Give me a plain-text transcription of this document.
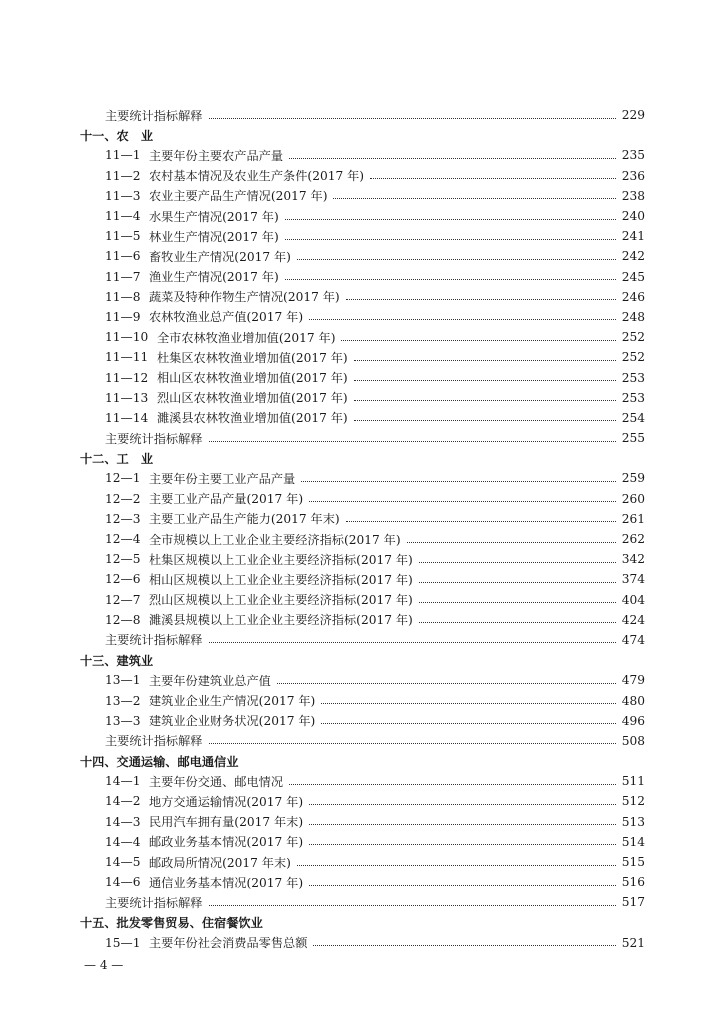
主要统计指标解释	229
十一、农　业
11—1 主要年份主要农产品产量	235
11—2 农村基本情况及农业生产条件(2017 年)	236
11—3 农业主要产品生产情况(2017 年)	238
11—4 水果生产情况(2017 年)	240
11—5 林业生产情况(2017 年)	241
11—6 畜牧业生产情况(2017 年)	242
11—7 渔业生产情况(2017 年)	245
11—8 蔬菜及特种作物生产情况(2017 年)	246
11—9 农林牧渔业总产值(2017 年)	248
11—10 全市农林牧渔业增加值(2017 年)	252
11—11 杜集区农林牧渔业增加值(2017 年)	252
11—12 相山区农林牧渔业增加值(2017 年)	253
11—13 烈山区农林牧渔业增加值(2017 年)	253
11—14 濉溪县农林牧渔业增加值(2017 年)	254
主要统计指标解释	255
十二、工　业
12—1 主要年份主要工业产品产量	259
12—2 主要工业产品产量(2017 年)	260
12—3 主要工业产品生产能力(2017 年末)	261
12—4 全市规模以上工业企业主要经济指标(2017 年)	262
12—5 杜集区规模以上工业企业主要经济指标(2017 年)	342
12—6 相山区规模以上工业企业主要经济指标(2017 年)	374
12—7 烈山区规模以上工业企业主要经济指标(2017 年)	404
12—8 濉溪县规模以上工业企业主要经济指标(2017 年)	424
主要统计指标解释	474
十三、建筑业
13—1 主要年份建筑业总产值	479
13—2 建筑业企业生产情况(2017 年)	480
13—3 建筑业企业财务状况(2017 年)	496
主要统计指标解释	508
十四、交通运输、邮电通信业
14—1 主要年份交通、邮电情况	511
14—2 地方交通运输情况(2017 年)	512
14—3 民用汽车拥有量(2017 年末)	513
14—4 邮政业务基本情况(2017 年)	514
14—5 邮政局所情况(2017 年末)	515
14—6 通信业务基本情况(2017 年)	516
主要统计指标解释	517
十五、批发零售贸易、住宿餐饮业
15—1 主要年份社会消费品零售总额	521
— 4 —
